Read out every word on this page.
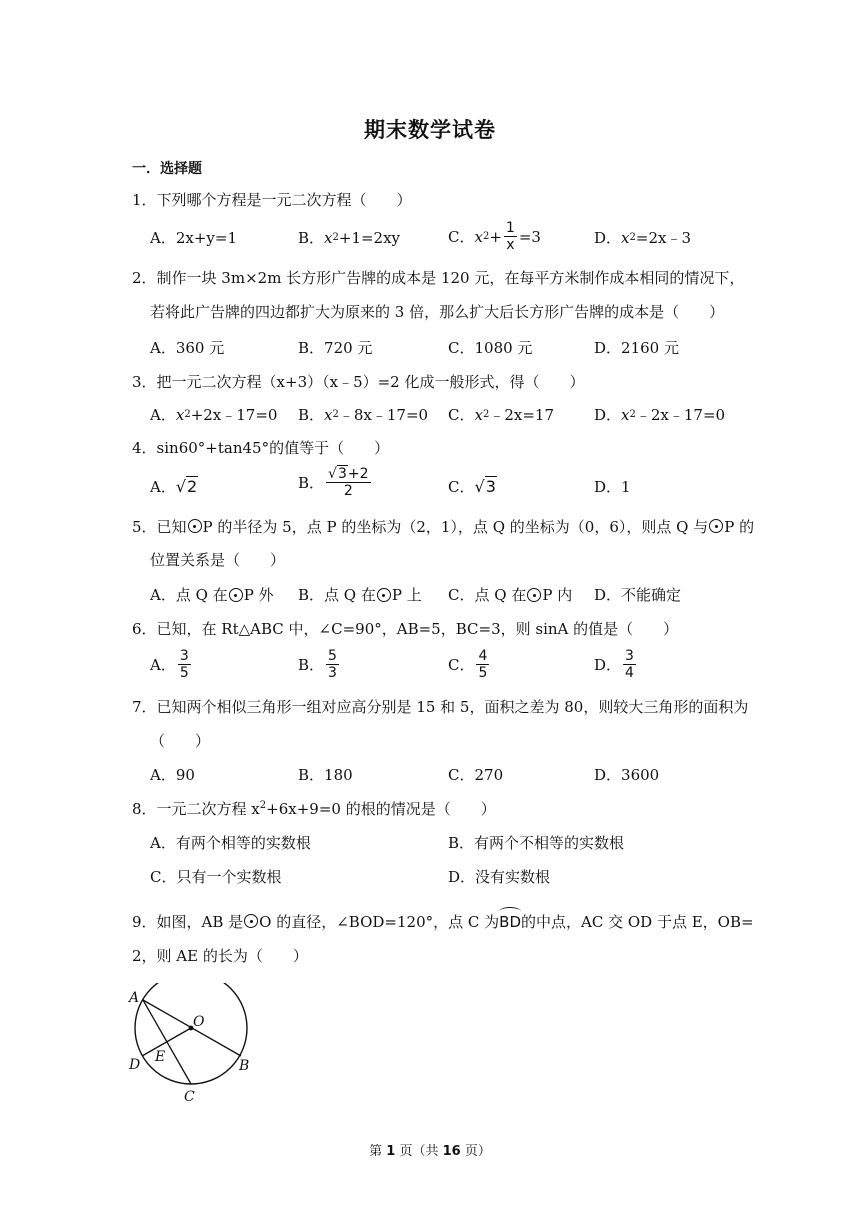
期末数学试卷
一．选择题
1．下列哪个方程是一元二次方程（　　）
A． 2x+y=1	B． x 2 +1=2xy	C． x $2 + \frac{1}{x} =3$	D． x 2 =2x﹣3
2．制作一块 3m×2m 长方形广告牌的成本是 120 元，在每平方米制作成本相同的情况下，
若将此广告牌的四边都扩大为原来的 3 倍，那么扩大后长方形广告牌的成本是（　　）
A． 360 元	B． 720 元	C． 1080 元	D． 2160 元
3．把一元二次方程（x+3）（x﹣5）=2 化成一般形式，得（　　）
A． x 2 +2x﹣17=0 B． x 2 ﹣8x﹣17=0 C． x 2 ﹣2x=17	D． x 2 ﹣2x﹣17=0
4．sin60°+tan45°的值等于（　　）
A． √2	B． $\frac{√3+2}{2}$	C． √3	D． 1
5．已知 P 的半径为 5，点 P 的坐标为（2，1），点 Q 的坐标为（0，6），则点 Q 与 P 的
位置关系是（　　）
A． 点 Q 在 P 外 B． 点 Q 在 P 上 C． 点 Q 在 P 内 D． 不能确定
6．已知，在 Rt△ABC 中，∠C=90°，AB=5，BC=3，则 sinA 的值是（　　）
A． $\frac{3}{5}$	B． $\frac{5}{3}$	C． $\frac{4}{5}$	D． $\frac{3}{4}$
7．已知两个相似三角形一组对应高分别是 15 和 5，面积之差为 80，则较大三角形的面积为
（　　）
A． 90	B． 180	C． 270	D． 3600
8．一元二次方程 $x^2+6x+9=0$ 的根的情况是（　　）
A． 有两个相等的实数根	B． 有两个不相等的实数根
C． 只有一个实数根	D． 没有实数根
9．如图，AB 是 O 的直径，∠BOD=120°，点 C 为BD的中点，AC 交 OD 于点 E，OB=
2，则 AE 的长为（　　）
A
O
E
D	B
C
第 1 页（共 16 页）
